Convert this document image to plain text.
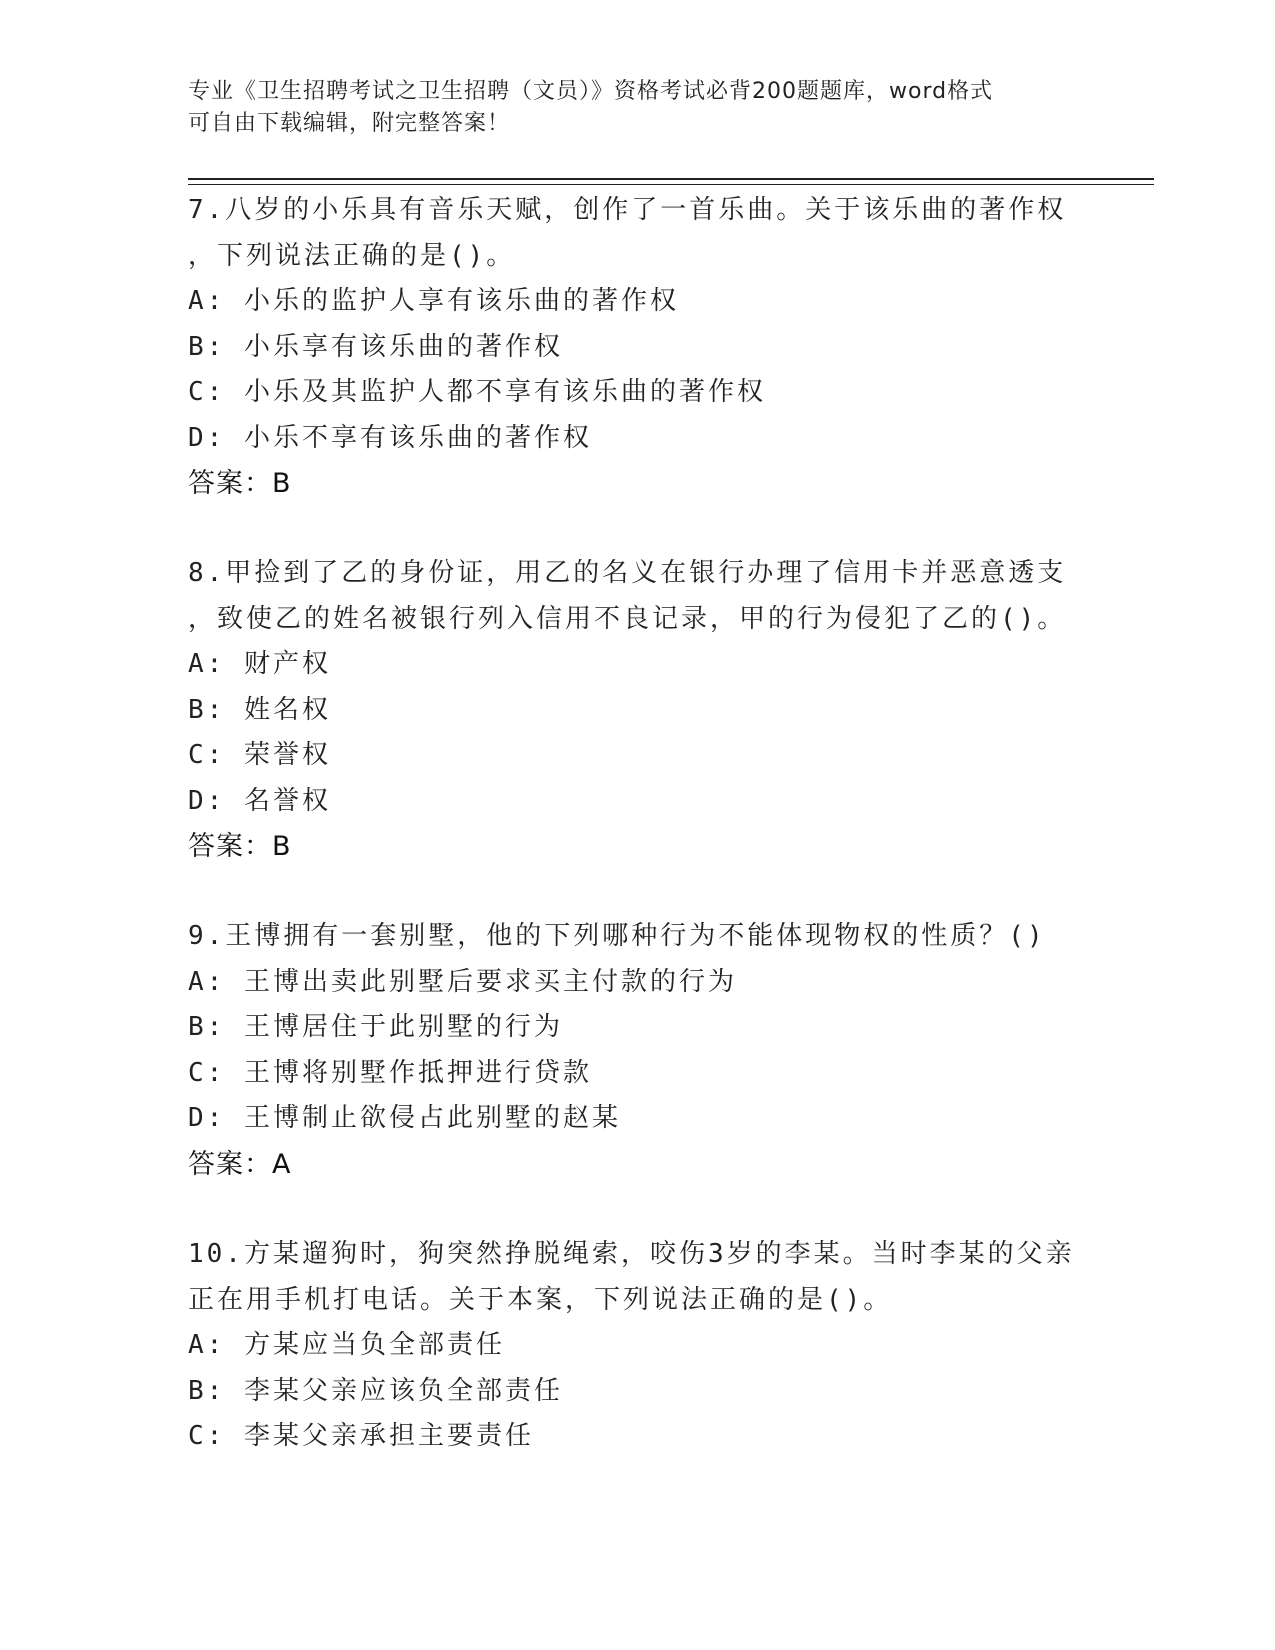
专业《卫生招聘考试之卫生招聘（文员）》资格考试必背200题题库，word格式
可自由下载编辑，附完整答案！
7.八岁的小乐具有音乐天赋，创作了一首乐曲。关于该乐曲的著作权
，下列说法正确的是()。
A: 小乐的监护人享有该乐曲的著作权
B: 小乐享有该乐曲的著作权
C: 小乐及其监护人都不享有该乐曲的著作权
D: 小乐不享有该乐曲的著作权
答案：B
8.甲捡到了乙的身份证，用乙的名义在银行办理了信用卡并恶意透支
，致使乙的姓名被银行列入信用不良记录，甲的行为侵犯了乙的()。
A: 财产权
B: 姓名权
C: 荣誉权
D: 名誉权
答案：B
9.王博拥有一套别墅，他的下列哪种行为不能体现物权的性质？()
A: 王博出卖此别墅后要求买主付款的行为
B: 王博居住于此别墅的行为
C: 王博将别墅作抵押进行贷款
D: 王博制止欲侵占此别墅的赵某
答案：A
10.方某遛狗时，狗突然挣脱绳索，咬伤3岁的李某。当时李某的父亲
正在用手机打电话。关于本案，下列说法正确的是()。
A: 方某应当负全部责任
B: 李某父亲应该负全部责任
C: 李某父亲承担主要责任
